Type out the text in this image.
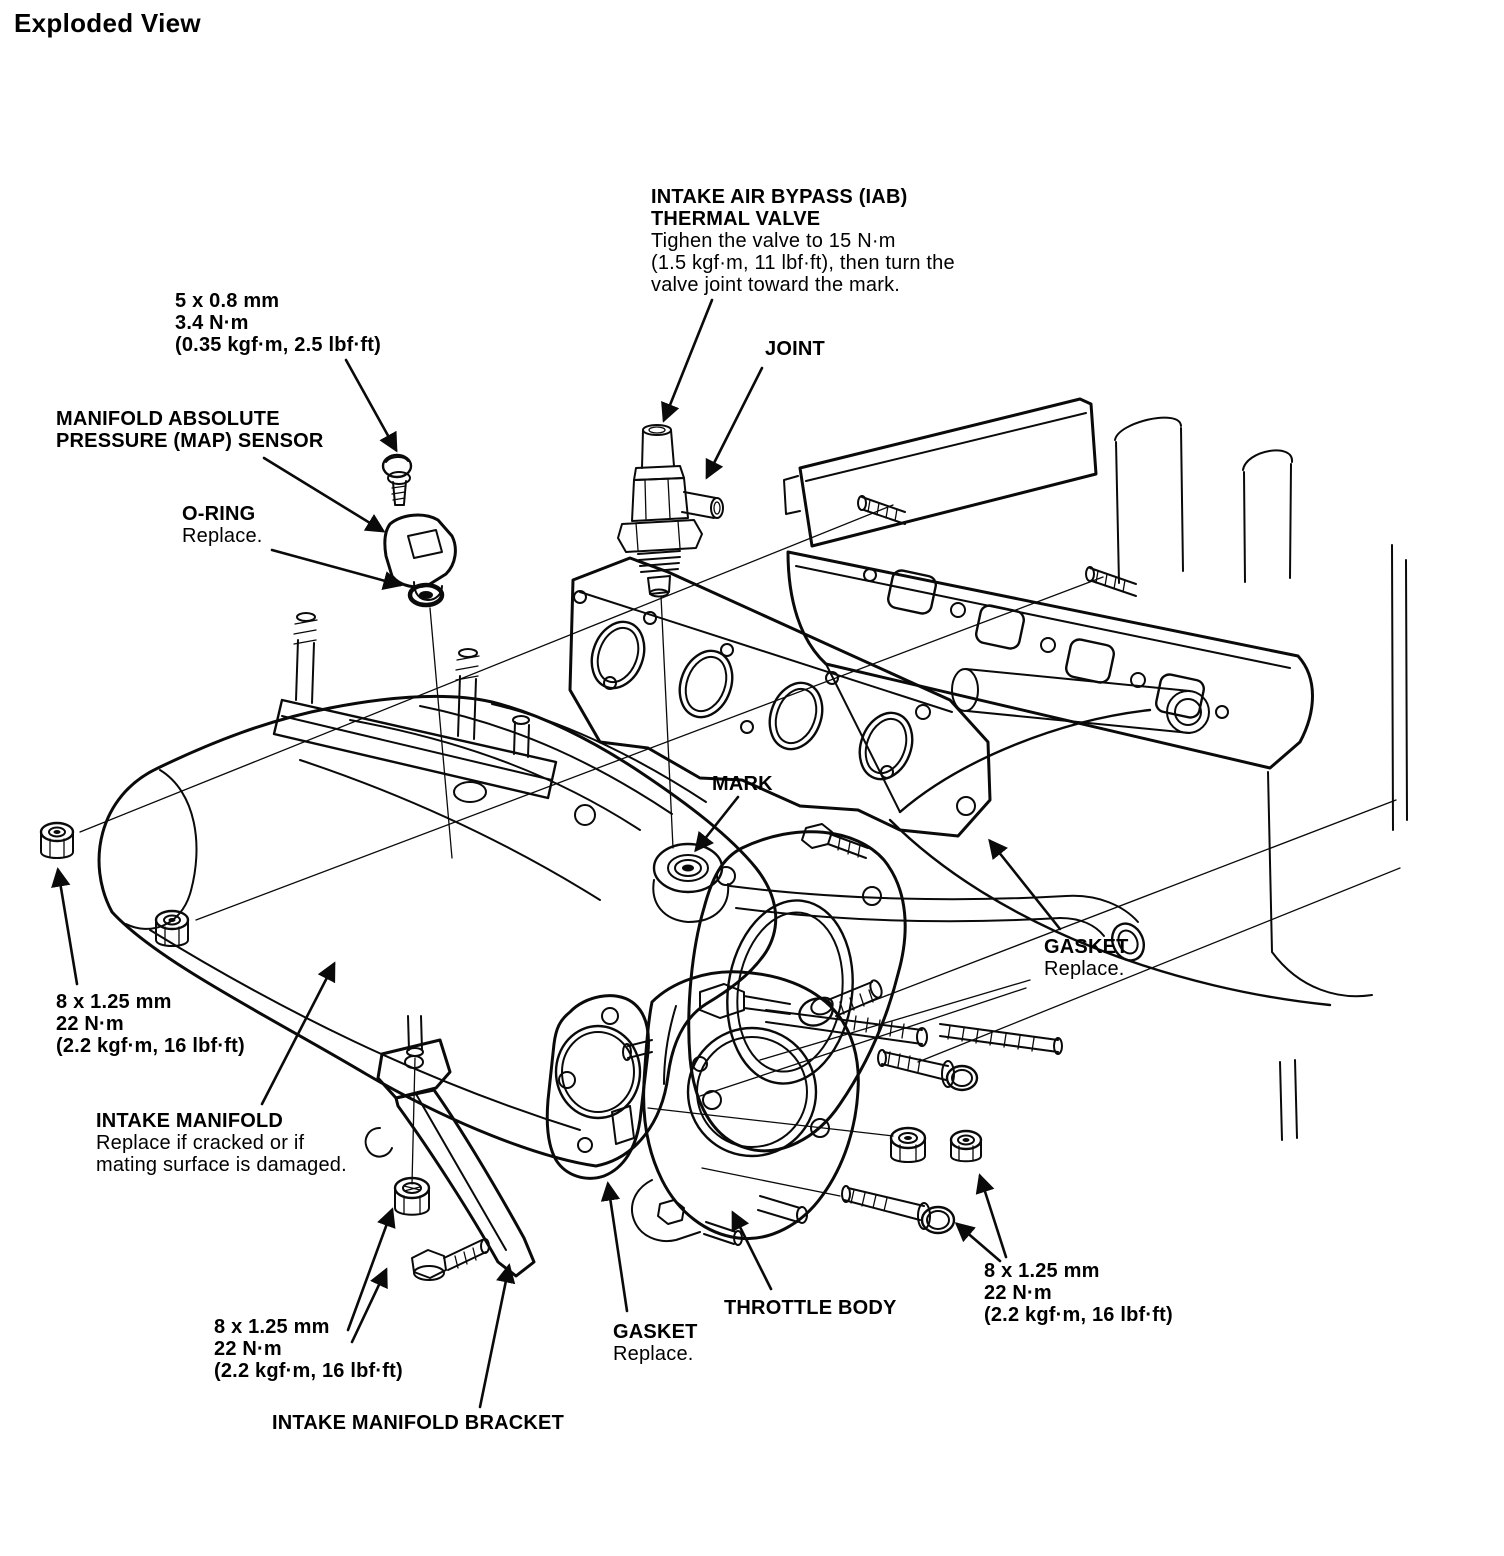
Exploded View
INTAKE AIR BYPASS (IAB)
THERMAL VALVE
Tighen the valve to 15 N·m
(1.5 kgf·m, 11 lbf·ft), then turn the
valve joint toward the mark.
5 x 0.8 mm
3.4 N·m
(0.35 kgf·m, 2.5 lbf·ft)
MANIFOLD ABSOLUTE
PRESSURE (MAP) SENSOR
O-RING
Replace.
JOINT
MARK
GASKET
Replace.
8 x 1.25 mm
22 N·m
(2.2 kgf·m, 16 lbf·ft)
INTAKE MANIFOLD
Replace if cracked or if
mating surface is damaged.
8 x 1.25 mm
22 N·m
(2.2 kgf·m, 16 lbf·ft)
INTAKE MANIFOLD BRACKET
GASKET
Replace.
THROTTLE BODY
8 x 1.25 mm
22 N·m
(2.2 kgf·m, 16 lbf·ft)
